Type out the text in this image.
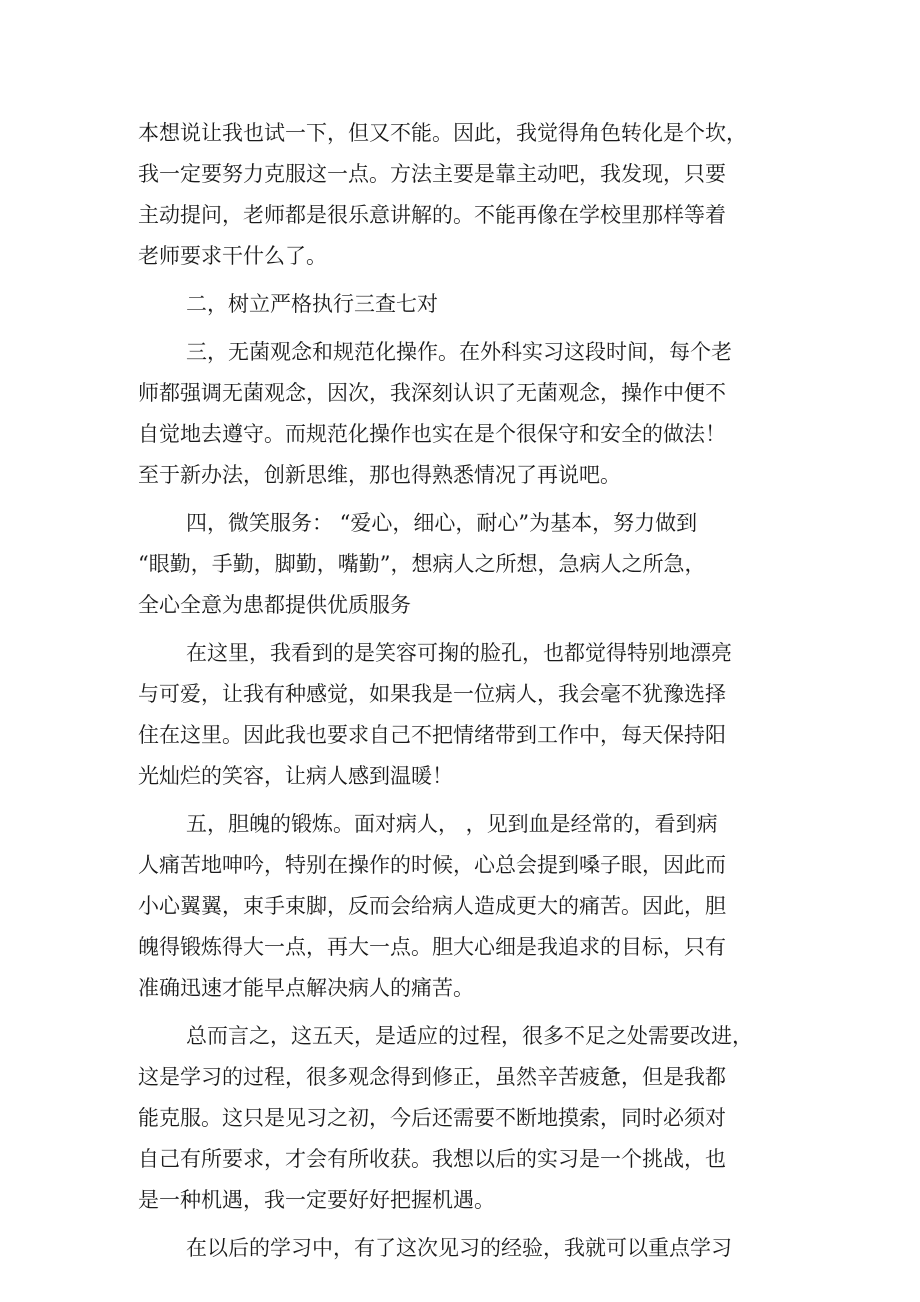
本想说让我也试一下，但又不能。因此，我觉得角色转化是个坎，
我一定要努力克服这一点。方法主要是靠主动吧，我发现，只要
主动提问，老师都是很乐意讲解的。不能再像在学校里那样等着
老师要求干什么了。
二，树立严格执行三查七对
三，无菌观念和规范化操作。在外科实习这段时间，每个老
师都强调无菌观念，因次，我深刻认识了无菌观念，操作中便不
自觉地去遵守。而规范化操作也实在是个很保守和安全的做法！
至于新办法，创新思维，那也得熟悉情况了再说吧。
四，微笑服务： “爱心，细心，耐心”为基本，努力做到
“眼勤，手勤，脚勤，嘴勤”，想病人之所想，急病人之所急，
全心全意为患都提供优质服务
在这里，我看到的是笑容可掬的脸孔，也都觉得特别地漂亮
与可爱，让我有种感觉，如果我是一位病人，我会毫不犹豫选择
住在这里。因此我也要求自己不把情绪带到工作中，每天保持阳
光灿烂的笑容，让病人感到温暖！
五，胆魄的锻炼。面对病人， ，见到血是经常的，看到病
人痛苦地呻吟，特别在操作的时候，心总会提到嗓子眼，因此而
小心翼翼，束手束脚，反而会给病人造成更大的痛苦。因此，胆
魄得锻炼得大一点，再大一点。胆大心细是我追求的目标，只有
准确迅速才能早点解决病人的痛苦。
总而言之，这五天，是适应的过程，很多不足之处需要改进，
这是学习的过程，很多观念得到修正，虽然辛苦疲惫，但是我都
能克服。这只是见习之初，今后还需要不断地摸索，同时必须对
自己有所要求，才会有所收获。我想以后的实习是一个挑战，也
是一种机遇，我一定要好好把握机遇。
在以后的学习中，有了这次见习的经验，我就可以重点学习
